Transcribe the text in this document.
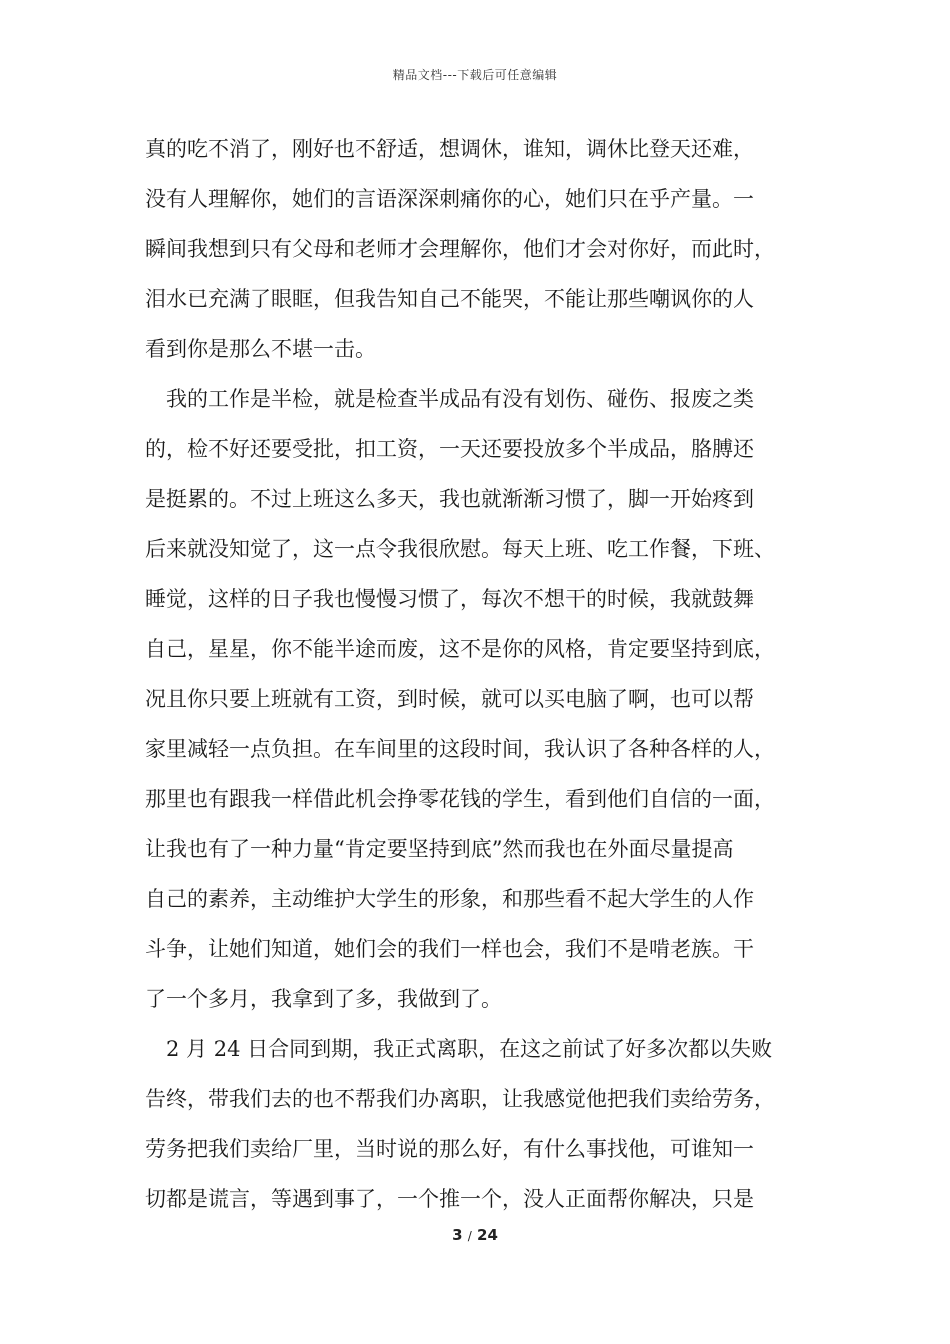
精品文档---下载后可任意编辑
真的吃不消了，刚好也不舒适，想调休，谁知，调休比登天还难，
没有人理解你，她们的言语深深刺痛你的心，她们只在乎产量。一
瞬间我想到只有父母和老师才会理解你，他们才会对你好，而此时，
泪水已充满了眼眶，但我告知自己不能哭，不能让那些嘲讽你的人
看到你是那么不堪一击。
我的工作是半检，就是检查半成品有没有划伤、碰伤、报废之类
的，检不好还要受批，扣工资，一天还要投放多个半成品，胳膊还
是挺累的。不过上班这么多天，我也就渐渐习惯了，脚一开始疼到
后来就没知觉了，这一点令我很欣慰。每天上班、吃工作餐，下班、
睡觉，这样的日子我也慢慢习惯了，每次不想干的时候，我就鼓舞
自己，星星，你不能半途而废，这不是你的风格，肯定要坚持到底，
况且你只要上班就有工资，到时候，就可以买电脑了啊，也可以帮
家里减轻一点负担。在车间里的这段时间，我认识了各种各样的人，
那里也有跟我一样借此机会挣零花钱的学生，看到他们自信的一面，
让我也有了一种力量“肯定要坚持到底”然而我也在外面尽量提高
自己的素养，主动维护大学生的形象，和那些看不起大学生的人作
斗争，让她们知道，她们会的我们一样也会，我们不是啃老族。干
了一个多月，我拿到了多，我做到了。
2 月 24 日合同到期，我正式离职，在这之前试了好多次都以失败
告终，带我们去的也不帮我们办离职，让我感觉他把我们卖给劳务，
劳务把我们卖给厂里，当时说的那么好，有什么事找他，可谁知一
切都是谎言，等遇到事了，一个推一个，没人正面帮你解决，只是
3 / 24
